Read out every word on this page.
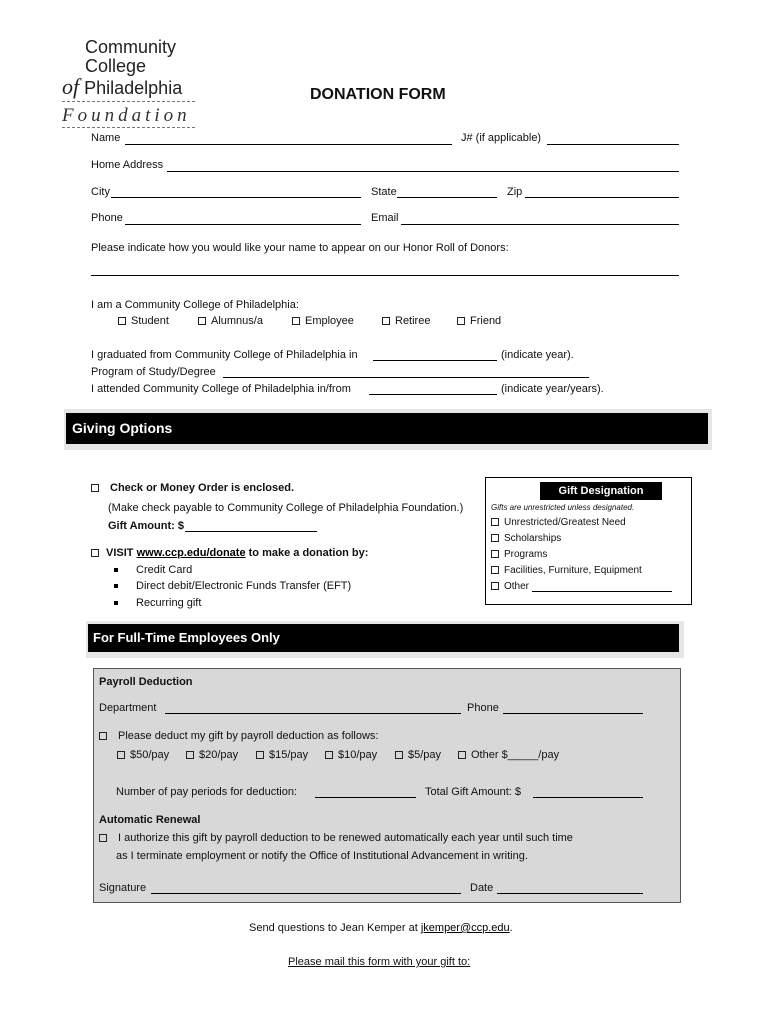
Community
College
of Philadelphia
Foundation
DONATION FORM
Name	J# (if applicable)
Home Address
City	State	Zip
Phone	Email
Please indicate how you would like your name to appear on our Honor Roll of Donors:
I am a Community College of Philadelphia:
Student	Alumnus/a	Employee	Retiree	Friend
I graduated from Community College of Philadelphia in	(indicate year).
Program of Study/Degree
I attended Community College of Philadelphia in/from	(indicate year/years).
Giving Options
Check or Money Order is enclosed.
(Make check payable to Community College of Philadelphia Foundation.)
Gift Amount: $
VISIT www.ccp.edu/donate to make a donation by:
Credit Card
Direct debit/Electronic Funds Transfer (EFT)
Recurring gift
Gift Designation
Gifts are unrestricted unless designated.
Unrestricted/Greatest Need
Scholarships
Programs
Facilities, Furniture, Equipment
Other
For Full-Time Employees Only
Payroll Deduction
Department	Phone
Please deduct my gift by payroll deduction as follows:
$50/pay	$20/pay	$15/pay	$10/pay	$5/pay	Other $_____/pay
Number of pay periods for deduction:	Total Gift Amount: $
Automatic Renewal
I authorize this gift by payroll deduction to be renewed automatically each year until such time
as I terminate employment or notify the Office of Institutional Advancement in writing.
Signature	Date
Send questions to Jean Kemper at jkemper@ccp.edu.
Please mail this form with your gift to:
